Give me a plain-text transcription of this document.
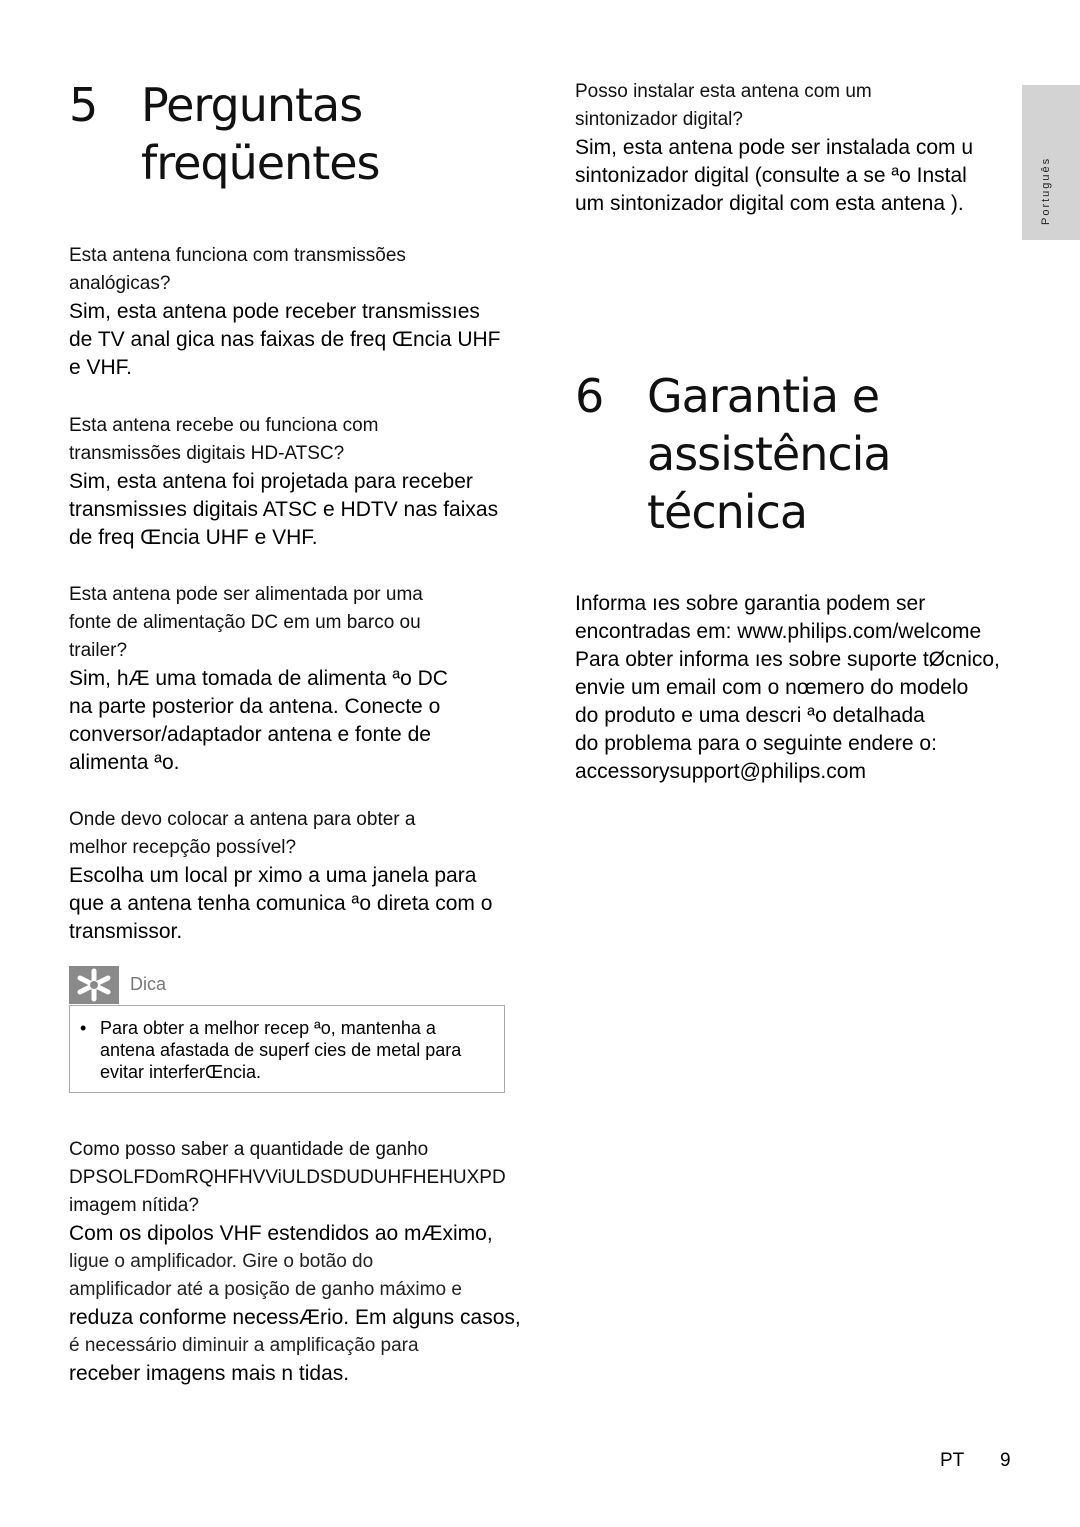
5 Perguntas
freqüentes
Esta antena funciona com transmissões
analógicas?
Sim, esta antena pode receber transmissıes
de TV anal gica nas faixas de freq Œncia UHF
e VHF.
Esta antena recebe ou funciona com
transmissões digitais HD-ATSC?
Sim, esta antena foi projetada para receber
transmissıes digitais ATSC e HDTV nas faixas
de freq Œncia UHF e VHF.
Esta antena pode ser alimentada por uma
fonte de alimentação DC em um barco ou
trailer?
Sim, hÆ uma tomada de alimenta ªo DC
na parte posterior da antena. Conecte o
conversor/adaptador antena e fonte de
alimenta ªo.
Onde devo colocar a antena para obter a
melhor recepção possível?
Escolha um local pr ximo a uma janela para
que a antena tenha comunica ªo direta com o
transmissor.
Dica
• Para obter a melhor recep ªo, mantenha a
antena afastada de superf cies de metal para
evitar interferŒncia.
Como posso saber a quantidade de ganho
DPSOLFDomRQHFHVViULDSDUDUHFHEHUXPD
imagem nítida?
Com os dipolos VHF estendidos ao mÆximo,
ligue o amplificador. Gire o botão do
amplificador até a posição de ganho máximo e
reduza conforme necessÆrio. Em alguns casos,
é necessário diminuir a amplificação para
receber imagens mais n tidas.
Posso instalar esta antena com um
sintonizador digital?
Sim, esta antena pode ser instalada com u
sintonizador digital (consulte a se ªo Instal
um sintonizador digital com esta antena ).
6 Garantia e
assistência
técnica
Informa ıes sobre garantia podem ser
encontradas em: www.philips.com/welcome
Para obter informa ıes sobre suporte tØcnico,
envie um email com o nœmero do modelo
do produto e uma descri ªo detalhada
do problema para o seguinte endere o:
accessorysupport@philips.com
Português
PT 9
